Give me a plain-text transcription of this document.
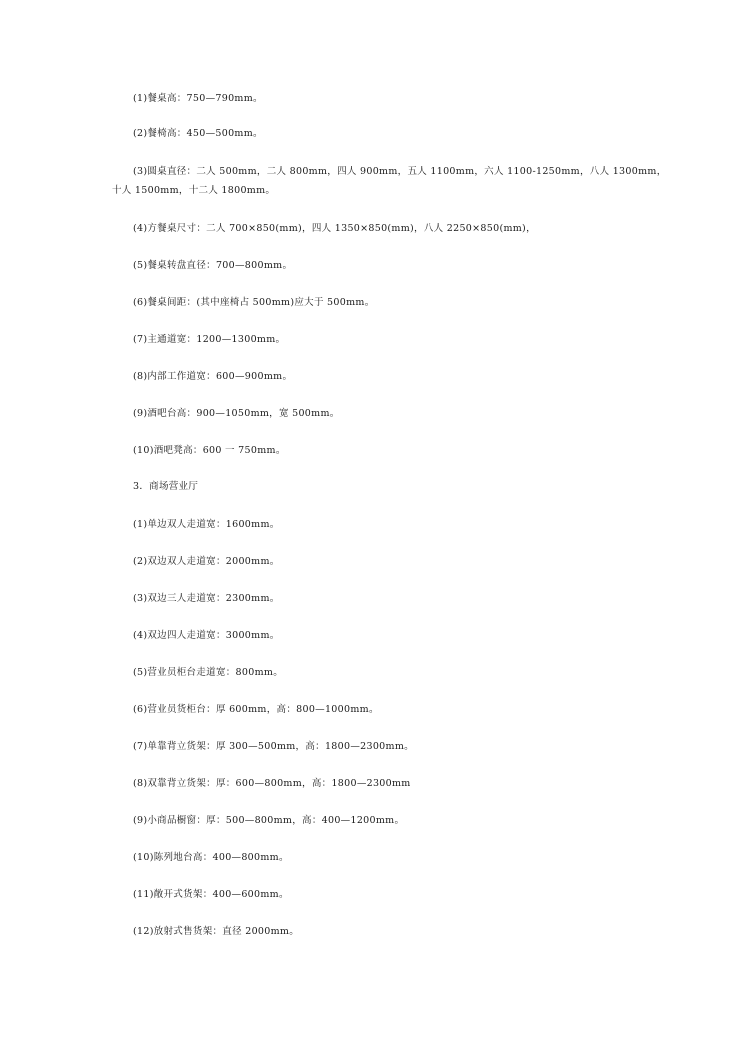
(1)餐桌高：750—790mm。
(2)餐椅高：450—500mm。
(3)圆桌直径：二人 500mm，二人 800mm，四人 900mm，五人 1100mm，六人 1100-1250mm，八人 1300mm，
十人 1500mm，十二人 1800mm。
(4)方餐桌尺寸：二人 700×850(mm)，四人 1350×850(mm)，八人 2250×850(mm)，
(5)餐桌转盘直径：700—800mm。
(6)餐桌间距：(其中座椅占 500mm)应大于 500mm。
(7)主通道宽：1200—1300mm。
(8)内部工作道宽：600—900mm。
(9)酒吧台高：900—1050mm，宽 500mm。
(10)酒吧凳高：600 一 750mm。
3．商场营业厅
(1)单边双人走道宽：1600mm。
(2)双边双人走道宽：2000mm。
(3)双边三人走道宽：2300mm。
(4)双边四人走道宽：3000mm。
(5)营业员柜台走道宽：800mm。
(6)营业员货柜台：厚 600mm，高：800—1000mm。
(7)单靠背立货架：厚 300—500mm，高：1800—2300mm。
(8)双靠背立货架：厚：600—800mm，高：1800—2300mm
(9)小商品橱窗：厚：500—800mm，高：400—1200mm。
(10)陈列地台高：400—800mm。
(11)敞开式货架：400—600mm。
(12)放射式售货架：直径 2000mm。
